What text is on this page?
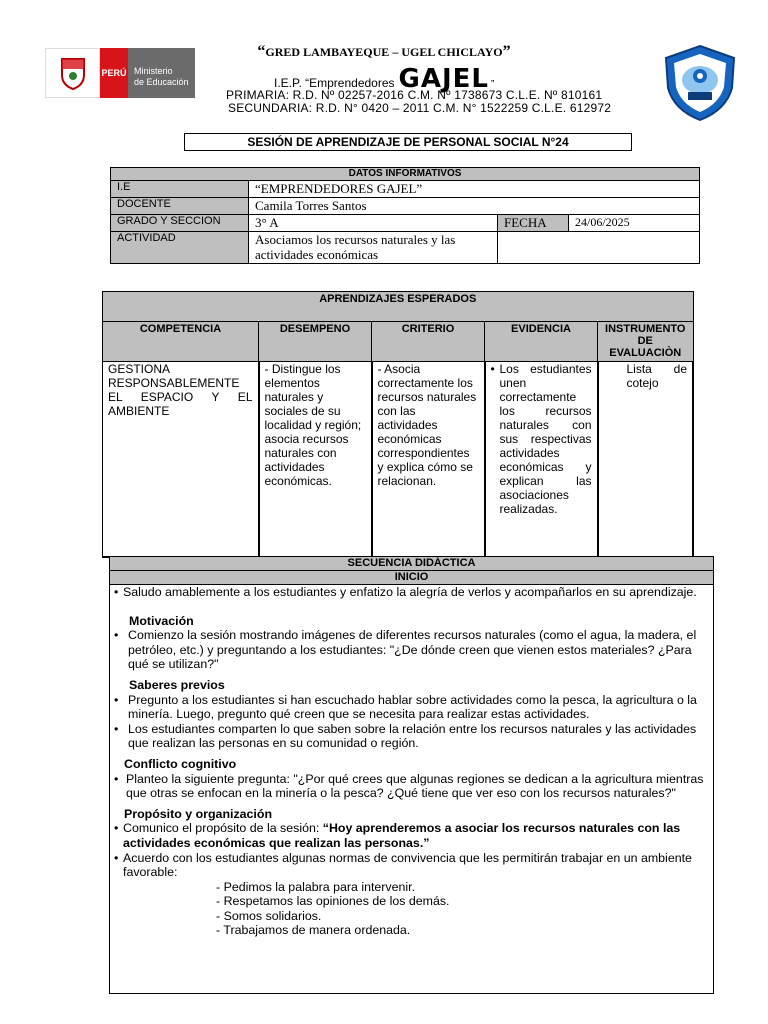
PERÚ Ministerio
de Educación
GAJEL
“GRED LAMBAYEQUE – UGEL CHICLAYO”
I.E.P. “Emprendedores GAJEL ”
PRIMARIA: R.D. Nº 02257-2016 C.M. Nº 1738673 C.L.E. Nº 810161
SECUNDARIA: R.D. N° 0420 – 2011 C.M. N° 1522259 C.L.E. 612972
SESIÓN DE APRENDIZAJE DE PERSONAL SOCIAL N°24
DATOS INFORMATIVOS			
I.E	“EMPRENDEDORES GAJEL”		
DOCENTE	Camila Torres Santos		
GRADO Y SECCION	3° A	FECHA	24/06/2025
ACTIVIDAD	Asociamos los recursos naturales y las actividades económicas		
APRENDIZAJES ESPERADOS				
COMPETENCIA	DESEMPENO	CRITERIO	EVIDENCIA	INSTRUMENTO DE EVALUACIÒN
GESTIONA RESPONSABLEMENTE EL ESPACIO Y EL AMBIENTE	- Distingue los elementos naturales y sociales de su localidad y región; asocia recursos naturales con actividades económicas.	- Asocia correctamente los recursos naturales con las actividades económicas correspondientes y explica cómo se relacionan.	• Los estudiantes unen correctamente los recursos naturales con sus respectivas actividades económicas y explican las asociaciones realizadas.	Lista de cotejo
SECUENCIA DIDÁCTICA
INICIO
• Saludo amablemente a los estudiantes y enfatizo la alegría de verlos y acompañarlos en su aprendizaje.
Motivación
• Comienzo la sesión mostrando imágenes de diferentes recursos naturales (como el agua, la madera, el petróleo, etc.) y preguntando a los estudiantes: "¿De dónde creen que vienen estos materiales? ¿Para qué se utilizan?"
Saberes previos
• Pregunto a los estudiantes si han escuchado hablar sobre actividades como la pesca, la agricultura o la minería. Luego, pregunto qué creen que se necesita para realizar estas actividades.
• Los estudiantes comparten lo que saben sobre la relación entre los recursos naturales y las actividades que realizan las personas en su comunidad o región.
Conflicto cognitivo
• Planteo la siguiente pregunta: "¿Por qué crees que algunas regiones se dedican a la agricultura mientras que otras se enfocan en la minería o la pesca? ¿Qué tiene que ver eso con los recursos naturales?"
Propósito y organización
• Comunico el propósito de la sesión: “Hoy aprenderemos a asociar los recursos naturales con las actividades económicas que realizan las personas.”
• Acuerdo con los estudiantes algunas normas de convivencia que les permitirán trabajar en un ambiente favorable:
- Pedimos la palabra para intervenir.
- Respetamos las opiniones de los demás.
- Somos solidarios.
- Trabajamos de manera ordenada.
